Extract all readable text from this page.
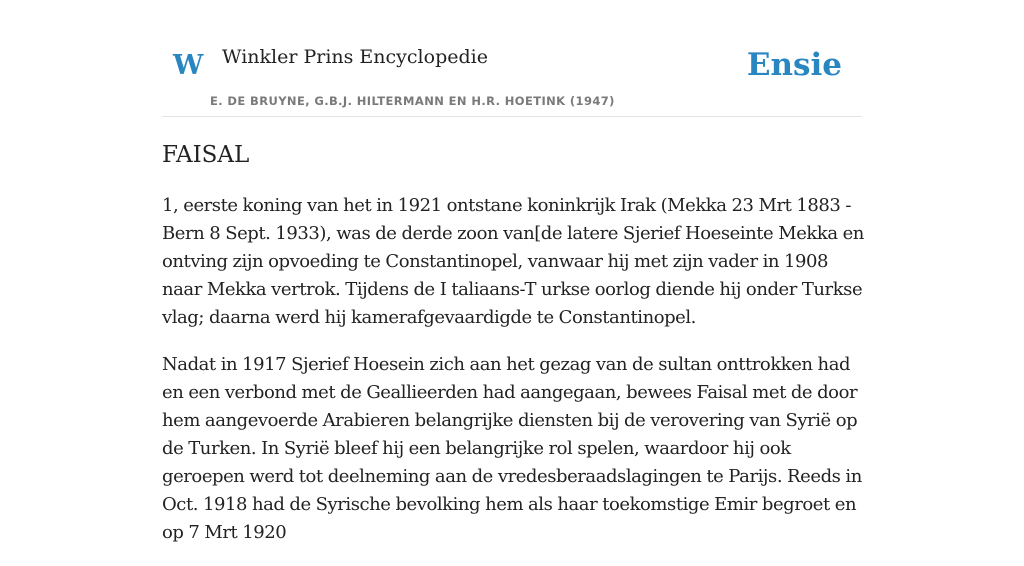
W Winkler Prins Encyclopedie
E. DE BRUYNE, G.B.J. HILTERMANN EN H.R. HOETINK (1947)
Ensie
FAISAL

1, eerste koning van het in 1921 ontstane koninkrijk Irak (Mekka 23 Mrt 1883 - Bern 8 Sept. 1933), was de derde zoon van[de latere Sjerief Hoeseinte Mekka en ontving zijn opvoeding te Constantinopel, vanwaar hij met zijn vader in 1908 naar Mekka vertrok. Tijdens de I taliaans-T urkse oorlog diende hij onder Turkse vlag; daarna werd hij kamerafgevaardigde te Constantinopel.

Nadat in 1917 Sjerief Hoesein zich aan het gezag van de sultan onttrokken had en een verbond met de Geallieerden had aangegaan, bewees Faisal met de door hem aangevoerde Arabieren belangrijke diensten bij de verovering van Syrië op de Turken. In Syrië bleef hij een belangrijke rol spelen, waardoor hij ook geroepen werd tot deelneming aan de vredesberaadslagingen te Parijs. Reeds in Oct. 1918 had de Syrische bevolking hem als haar toekomstige Emir begroet en op 7 Mrt 1920
